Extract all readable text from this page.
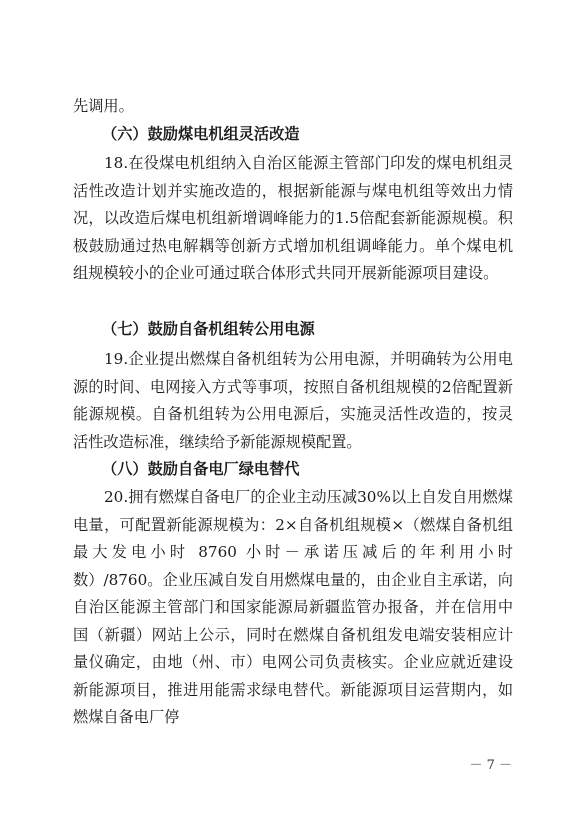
先调用。

（六）鼓励煤电机组灵活改造

18.在役煤电机组纳入自治区能源主管部门印发的煤电机组灵活性改造计划并实施改造的，根据新能源与煤电机组等效出力情况，以改造后煤电机组新增调峰能力的1.5倍配套新能源规模。积极鼓励通过热电解耦等创新方式增加机组调峰能力。单个煤电机组规模较小的企业可通过联合体形式共同开展新能源项目建设。

（七）鼓励自备机组转公用电源

19.企业提出燃煤自备机组转为公用电源，并明确转为公用电源的时间、电网接入方式等事项，按照自备机组规模的2倍配置新能源规模。自备机组转为公用电源后，实施灵活性改造的，按灵活性改造标准，继续给予新能源规模配置。

（八）鼓励自备电厂绿电替代

20.拥有燃煤自备电厂的企业主动压减30%以上自发自用燃煤电量，可配置新能源规模为：2×自备机组规模×（燃煤自备机组最大发电小时 8760 小时－承诺压减后的年利用小时数）/8760。企业压减自发自用燃煤电量的，由企业自主承诺，向自治区能源主管部门和国家能源局新疆监管办报备，并在信用中国（新疆）网站上公示，同时在燃煤自备机组发电端安装相应计量仪确定，由地（州、市）电网公司负责核实。企业应就近建设新能源项目，推进用能需求绿电替代。新能源项目运营期内，如燃煤自备电厂停

－ 7 －
